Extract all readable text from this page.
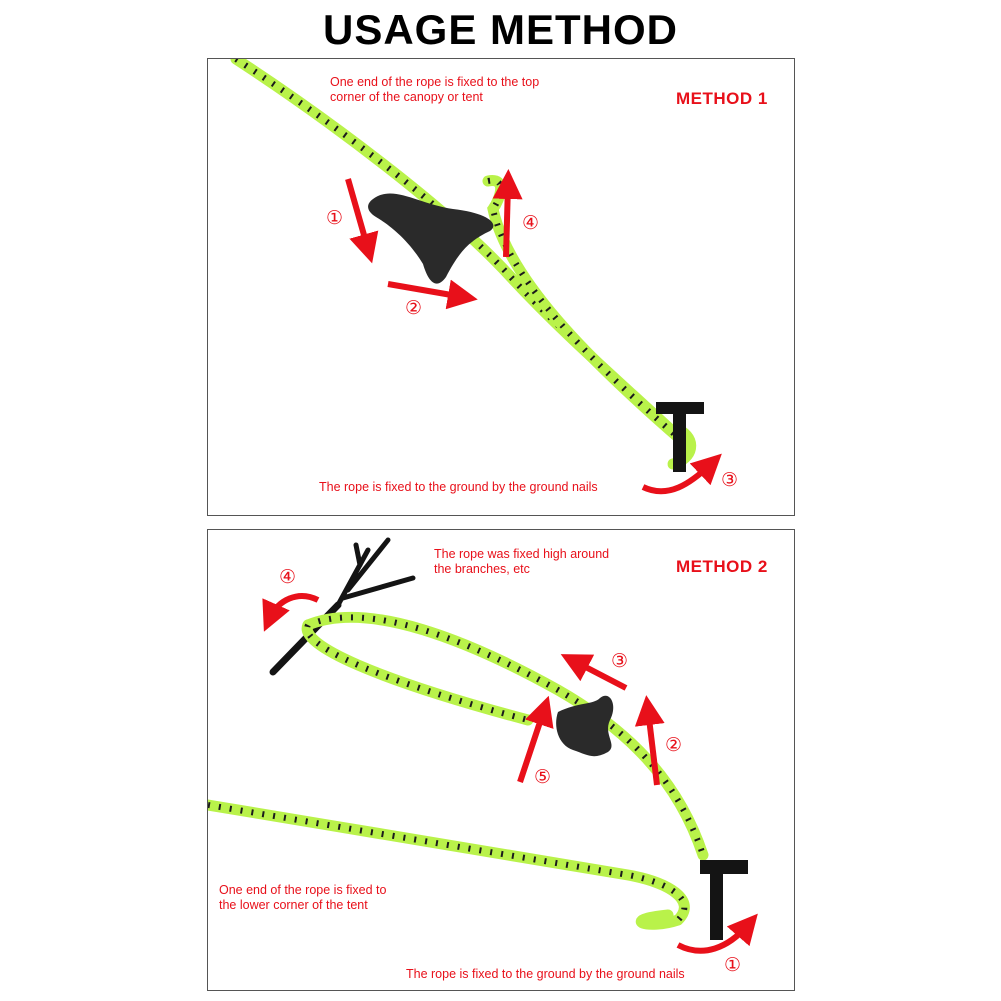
USAGE METHOD
METHOD 1
One end of the rope is fixed to the top
corner of the canopy or tent
The rope is fixed to the ground by the ground nails
①
②
③
④
METHOD 2
The rope was fixed high around
the branches, etc
One end of the rope is fixed to
the lower corner of the tent
The rope is fixed to the ground by the ground nails	①
②
③
④
⑤
